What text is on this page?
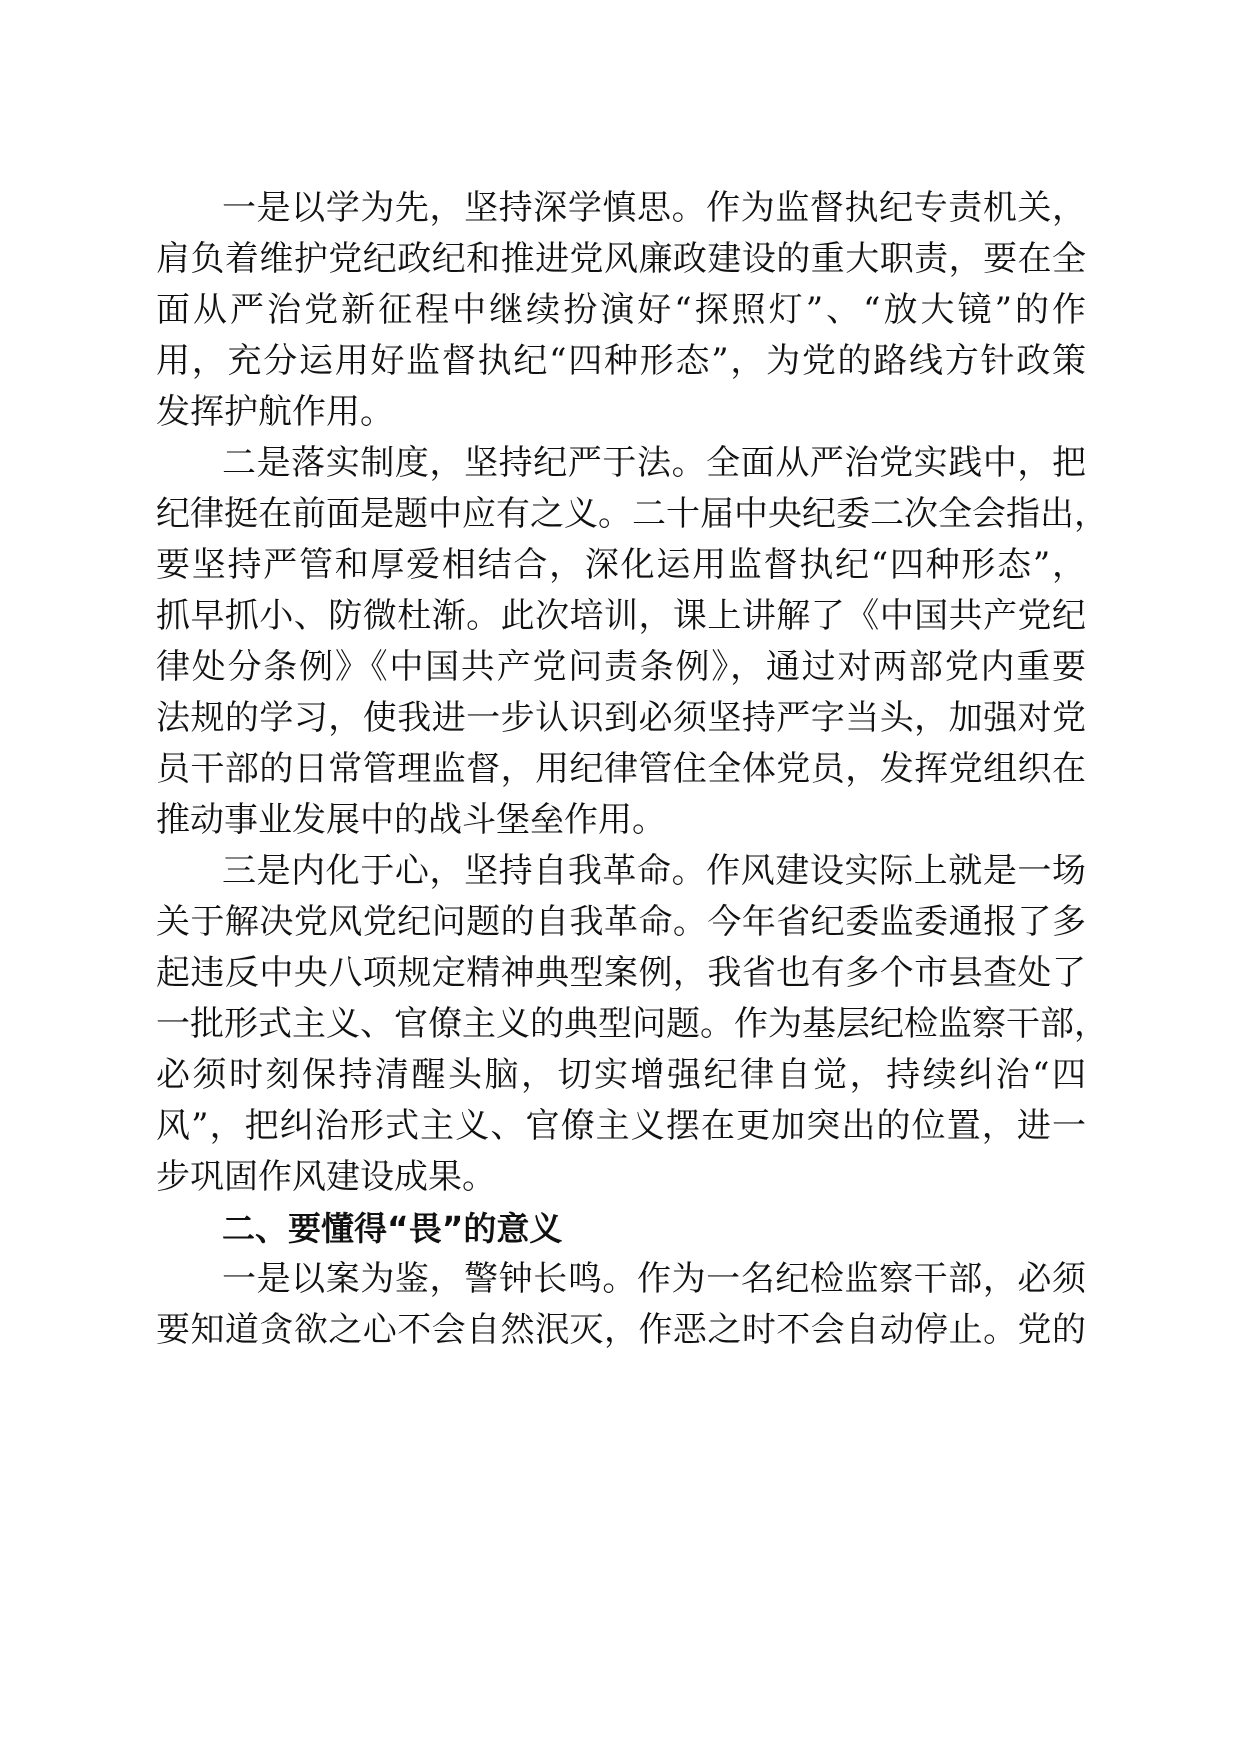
一是以学为先，坚持深学慎思。作为监督执纪专责机关，
肩负着维护党纪政纪和推进党风廉政建设的重大职责，要在全
面从严治党新征程中继续扮演好“探照灯”、“放大镜”的作
用，充分运用好监督执纪“四种形态”，为党的路线方针政策
发挥护航作用。
二是落实制度，坚持纪严于法。全面从严治党实践中，把
纪律挺在前面是题中应有之义。二十届中央纪委二次全会指出，
要坚持严管和厚爱相结合，深化运用监督执纪“四种形态”，
抓早抓小、防微杜渐。此次培训，课上讲解了《中国共产党纪
律处分条例》《中国共产党问责条例》，通过对两部党内重要
法规的学习，使我进一步认识到必须坚持严字当头，加强对党
员干部的日常管理监督，用纪律管住全体党员，发挥党组织在
推动事业发展中的战斗堡垒作用。
三是内化于心，坚持自我革命。作风建设实际上就是一场
关于解决党风党纪问题的自我革命。今年省纪委监委通报了多
起违反中央八项规定精神典型案例，我省也有多个市县查处了
一批形式主义、官僚主义的典型问题。作为基层纪检监察干部，
必须时刻保持清醒头脑，切实增强纪律自觉，持续纠治“四
风”，把纠治形式主义、官僚主义摆在更加突出的位置，进一
步巩固作风建设成果。
二、要懂得“畏”的意义
一是以案为鉴，警钟长鸣。作为一名纪检监察干部，必须
要知道贪欲之心不会自然泯灭，作恶之时不会自动停止。党的
